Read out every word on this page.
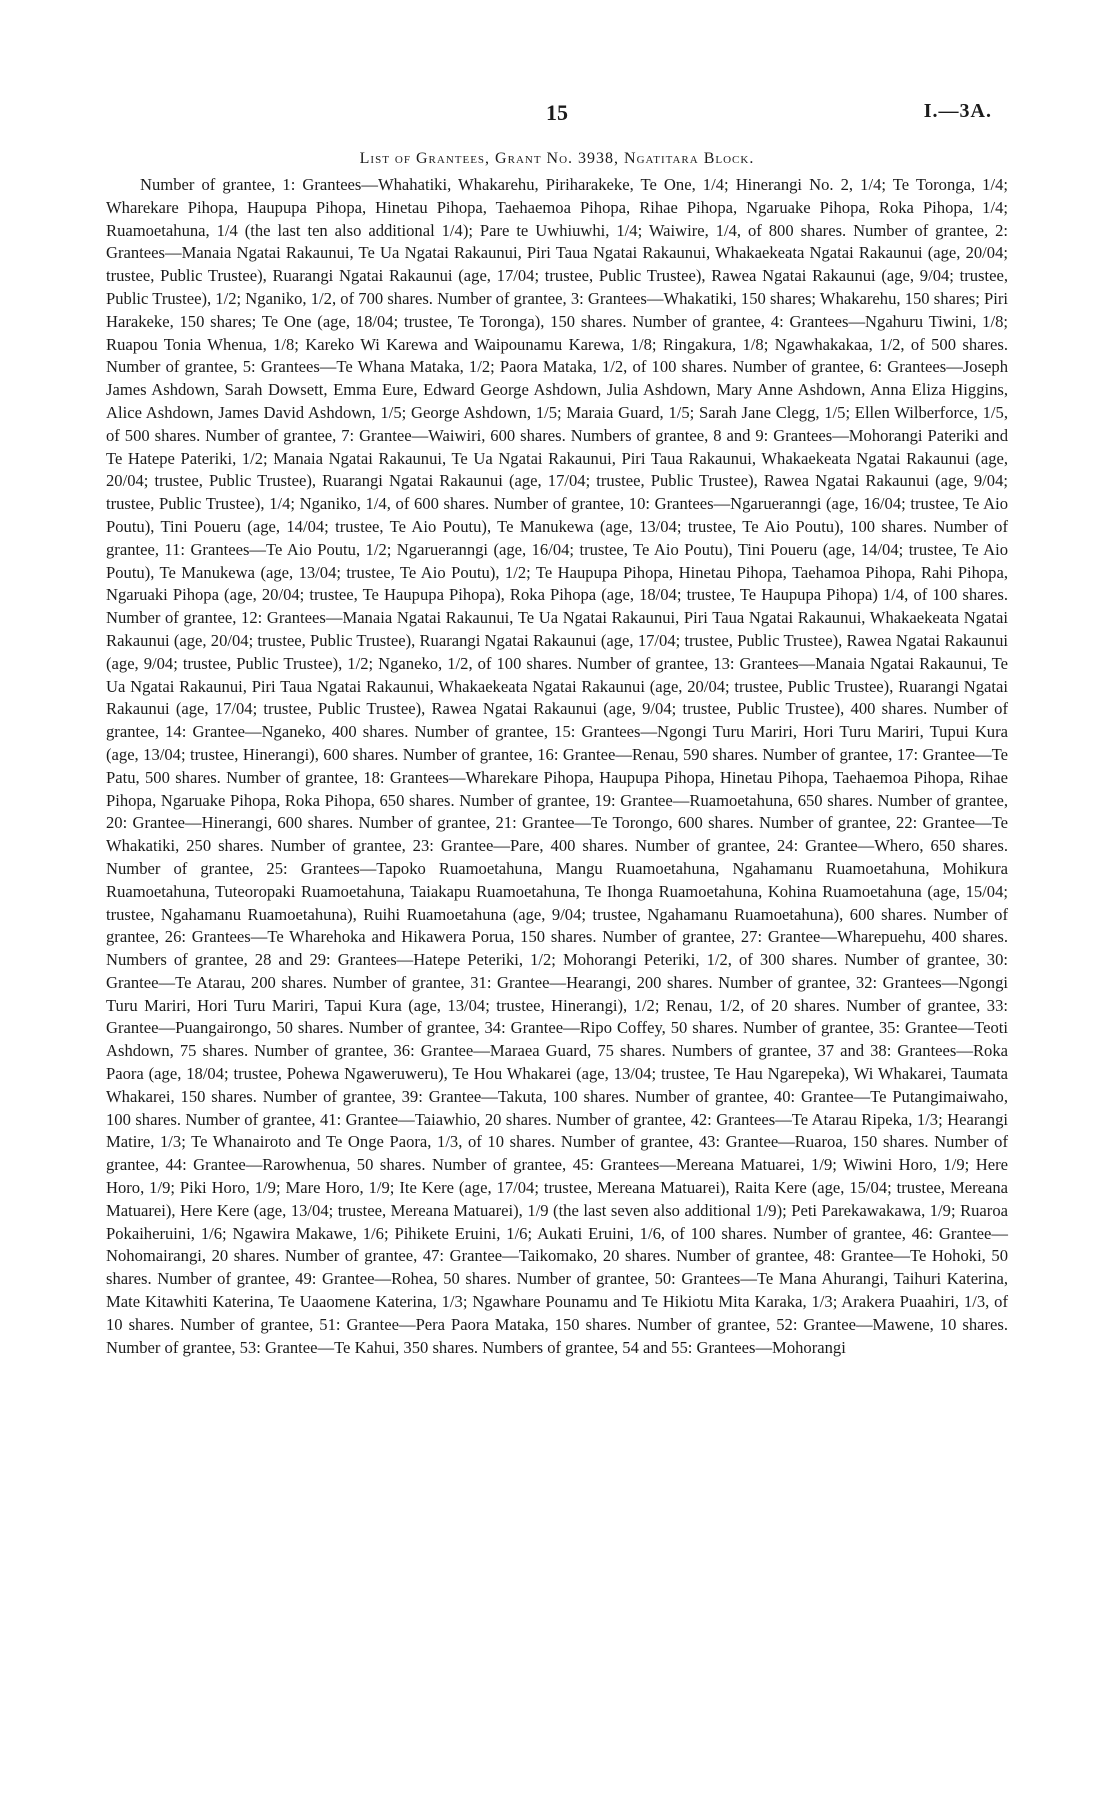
15	I.—3A.
List of Grantees, Grant No. 3938, Ngatitara Block.

Number of grantee, 1: Grantees—Whahatiki, Whakarehu, Piriharakeke, Te One, 1/4; Hinerangi No. 2, 1/4; Te Toronga, 1/4; Wharekare Pihopa, Haupupa Pihopa, Hinetau Pihopa, Taehaemoa Pihopa, Rihae Pihopa, Ngaruake Pihopa, Roka Pihopa, 1/4; Ruamoetahuna, 1/4 (the last ten also additional 1/4); Pare te Uwhiuwhi, 1/4; Waiwire, 1/4, of 800 shares. Number of grantee, 2: Grantees—Manaia Ngatai Rakaunui, Te Ua Ngatai Rakaunui, Piri Taua Ngatai Rakaunui, Whakaekeata Ngatai Rakaunui (age, 20/04; trustee, Public Trustee), Ruarangi Ngatai Rakaunui (age, 17/04; trustee, Public Trustee), Rawea Ngatai Rakaunui (age, 9/04; trustee, Public Trustee), 1/2; Nganiko, 1/2, of 700 shares. Number of grantee, 3: Grantees—Whakatiki, 150 shares; Whakarehu, 150 shares; Piri Harakeke, 150 shares; Te One (age, 18/04; trustee, Te Toronga), 150 shares. Number of grantee, 4: Grantees—Ngahuru Tiwini, 1/8; Ruapou Tonia Whenua, 1/8; Kareko Wi Karewa and Waipounamu Karewa, 1/8; Ringakura, 1/8; Ngawhakakaa, 1/2, of 500 shares. Number of grantee, 5: Grantees—Te Whana Mataka, 1/2; Paora Mataka, 1/2, of 100 shares. Number of grantee, 6: Grantees—Joseph James Ashdown, Sarah Dowsett, Emma Eure, Edward George Ashdown, Julia Ashdown, Mary Anne Ashdown, Anna Eliza Higgins, Alice Ashdown, James David Ashdown, 1/5; George Ashdown, 1/5; Maraia Guard, 1/5; Sarah Jane Clegg, 1/5; Ellen Wilberforce, 1/5, of 500 shares. Number of grantee, 7: Grantee—Waiwiri, 600 shares. Numbers of grantee, 8 and 9: Grantees—Mohorangi Pateriki and Te Hatepe Pateriki, 1/2; Manaia Ngatai Rakaunui, Te Ua Ngatai Rakaunui, Piri Taua Rakaunui, Whakaekeata Ngatai Rakaunui (age, 20/04; trustee, Public Trustee), Ruarangi Ngatai Rakaunui (age, 17/04; trustee, Public Trustee), Rawea Ngatai Rakaunui (age, 9/04; trustee, Public Trustee), 1/4; Nganiko, 1/4, of 600 shares. Number of grantee, 10: Grantees—Ngarueranngi (age, 16/04; trustee, Te Aio Poutu), Tini Poueru (age, 14/04; trustee, Te Aio Poutu), Te Manukewa (age, 13/04; trustee, Te Aio Poutu), 100 shares. Number of grantee, 11: Grantees—Te Aio Poutu, 1/2; Ngarueranngi (age, 16/04; trustee, Te Aio Poutu), Tini Poueru (age, 14/04; trustee, Te Aio Poutu), Te Manukewa (age, 13/04; trustee, Te Aio Poutu), 1/2; Te Haupupa Pihopa, Hinetau Pihopa, Taehamoa Pihopa, Rahi Pihopa, Ngaruaki Pihopa (age, 20/04; trustee, Te Haupupa Pihopa), Roka Pihopa (age, 18/04; trustee, Te Haupupa Pihopa) 1/4, of 100 shares. Number of grantee, 12: Grantees—Manaia Ngatai Rakaunui, Te Ua Ngatai Rakaunui, Piri Taua Ngatai Rakaunui, Whakaekeata Ngatai Rakaunui (age, 20/04; trustee, Public Trustee), Ruarangi Ngatai Rakaunui (age, 17/04; trustee, Public Trustee), Rawea Ngatai Rakaunui (age, 9/04; trustee, Public Trustee), 1/2; Nganeko, 1/2, of 100 shares. Number of grantee, 13: Grantees—Manaia Ngatai Rakaunui, Te Ua Ngatai Rakaunui, Piri Taua Ngatai Rakaunui, Whakaekeata Ngatai Rakaunui (age, 20/04; trustee, Public Trustee), Ruarangi Ngatai Rakaunui (age, 17/04; trustee, Public Trustee), Rawea Ngatai Rakaunui (age, 9/04; trustee, Public Trustee), 400 shares. Number of grantee, 14: Grantee—Nganeko, 400 shares. Number of grantee, 15: Grantees—Ngongi Turu Mariri, Hori Turu Mariri, Tupui Kura (age, 13/04; trustee, Hinerangi), 600 shares. Number of grantee, 16: Grantee—Renau, 590 shares. Number of grantee, 17: Grantee—Te Patu, 500 shares. Number of grantee, 18: Grantees—Wharekare Pihopa, Haupupa Pihopa, Hinetau Pihopa, Taehaemoa Pihopa, Rihae Pihopa, Ngaruake Pihopa, Roka Pihopa, 650 shares. Number of grantee, 19: Grantee—Ruamoetahuna, 650 shares. Number of grantee, 20: Grantee—Hinerangi, 600 shares. Number of grantee, 21: Grantee—Te Torongo, 600 shares. Number of grantee, 22: Grantee—Te Whakatiki, 250 shares. Number of grantee, 23: Grantee—Pare, 400 shares. Number of grantee, 24: Grantee—Whero, 650 shares. Number of grantee, 25: Grantees—Tapoko Ruamoetahuna, Mangu Ruamoetahuna, Ngahamanu Ruamoetahuna, Mohikura Ruamoetahuna, Tuteoropaki Ruamoetahuna, Taiakapu Ruamoetahuna, Te Ihonga Ruamoetahuna, Kohina Ruamoetahuna (age, 15/04; trustee, Ngahamanu Ruamoetahuna), Ruihi Ruamoetahuna (age, 9/04; trustee, Ngahamanu Ruamoetahuna), 600 shares. Number of grantee, 26: Grantees—Te Wharehoka and Hikawera Porua, 150 shares. Number of grantee, 27: Grantee—Wharepuehu, 400 shares. Numbers of grantee, 28 and 29: Grantees—Hatepe Peteriki, 1/2; Mohorangi Peteriki, 1/2, of 300 shares. Number of grantee, 30: Grantee—Te Atarau, 200 shares. Number of grantee, 31: Grantee—Hearangi, 200 shares. Number of grantee, 32: Grantees—Ngongi Turu Mariri, Hori Turu Mariri, Tapui Kura (age, 13/04; trustee, Hinerangi), 1/2; Renau, 1/2, of 20 shares. Number of grantee, 33: Grantee—Puangairongo, 50 shares. Number of grantee, 34: Grantee—Ripo Coffey, 50 shares. Number of grantee, 35: Grantee—Teoti Ashdown, 75 shares. Number of grantee, 36: Grantee—Maraea Guard, 75 shares. Numbers of grantee, 37 and 38: Grantees—Roka Paora (age, 18/04; trustee, Pohewa Ngaweruweru), Te Hou Whakarei (age, 13/04; trustee, Te Hau Ngarepeka), Wi Whakarei, Taumata Whakarei, 150 shares. Number of grantee, 39: Grantee—Takuta, 100 shares. Number of grantee, 40: Grantee—Te Putangimaiwaho, 100 shares. Number of grantee, 41: Grantee—Taiawhio, 20 shares. Number of grantee, 42: Grantees—Te Atarau Ripeka, 1/3; Hearangi Matire, 1/3; Te Whanairoto and Te Onge Paora, 1/3, of 10 shares. Number of grantee, 43: Grantee—Ruaroa, 150 shares. Number of grantee, 44: Grantee—Rarowhenua, 50 shares. Number of grantee, 45: Grantees—Mereana Matuarei, 1/9; Wiwini Horo, 1/9; Here Horo, 1/9; Piki Horo, 1/9; Mare Horo, 1/9; Ite Kere (age, 17/04; trustee, Mereana Matuarei), Raita Kere (age, 15/04; trustee, Mereana Matuarei), Here Kere (age, 13/04; trustee, Mereana Matuarei), 1/9 (the last seven also additional 1/9); Peti Parekawakawa, 1/9; Ruaroa Pokaiheruini, 1/6; Ngawira Makawe, 1/6; Pihikete Eruini, 1/6; Aukati Eruini, 1/6, of 100 shares. Number of grantee, 46: Grantee—Nohomairangi, 20 shares. Number of grantee, 47: Grantee—Taikomako, 20 shares. Number of grantee, 48: Grantee—Te Hohoki, 50 shares. Number of grantee, 49: Grantee—Rohea, 50 shares. Number of grantee, 50: Grantees—Te Mana Ahurangi, Taihuri Katerina, Mate Kitawhiti Katerina, Te Uaaomene Katerina, 1/3; Ngawhare Pounamu and Te Hikiotu Mita Karaka, 1/3; Arakera Puaahiri, 1/3, of 10 shares. Number of grantee, 51: Grantee—Pera Paora Mataka, 150 shares. Number of grantee, 52: Grantee—Mawene, 10 shares. Number of grantee, 53: Grantee—Te Kahui, 350 shares. Numbers of grantee, 54 and 55: Grantees—Mohorangi
